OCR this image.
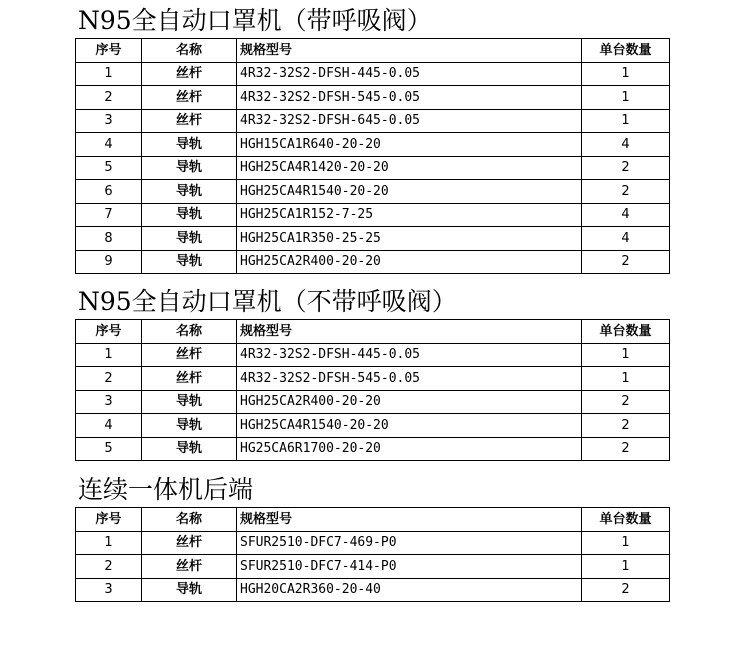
N95全自动口罩机（带呼吸阀）
序号	名称	规格型号	单台数量
1	丝杆	4R32-32S2-DFSH-445-0.05	1
2	丝杆	4R32-32S2-DFSH-545-0.05	1
3	丝杆	4R32-32S2-DFSH-645-0.05	1
4	导轨	HGH15CA1R640-20-20	4
5	导轨	HGH25CA4R1420-20-20	2
6	导轨	HGH25CA4R1540-20-20	2
7	导轨	HGH25CA1R152-7-25	4
8	导轨	HGH25CA1R350-25-25	4
9	导轨	HGH25CA2R400-20-20	2
N95全自动口罩机（不带呼吸阀）
序号	名称	规格型号	单台数量
1	丝杆	4R32-32S2-DFSH-445-0.05	1
2	丝杆	4R32-32S2-DFSH-545-0.05	1
3	导轨	HGH25CA2R400-20-20	2
4	导轨	HGH25CA4R1540-20-20	2
5	导轨	HG25CA6R1700-20-20	2
连续一体机后端
序号	名称	规格型号	单台数量
1	丝杆	SFUR2510-DFC7-469-P0	1
2	丝杆	SFUR2510-DFC7-414-P0	1
3	导轨	HGH20CA2R360-20-40	2
